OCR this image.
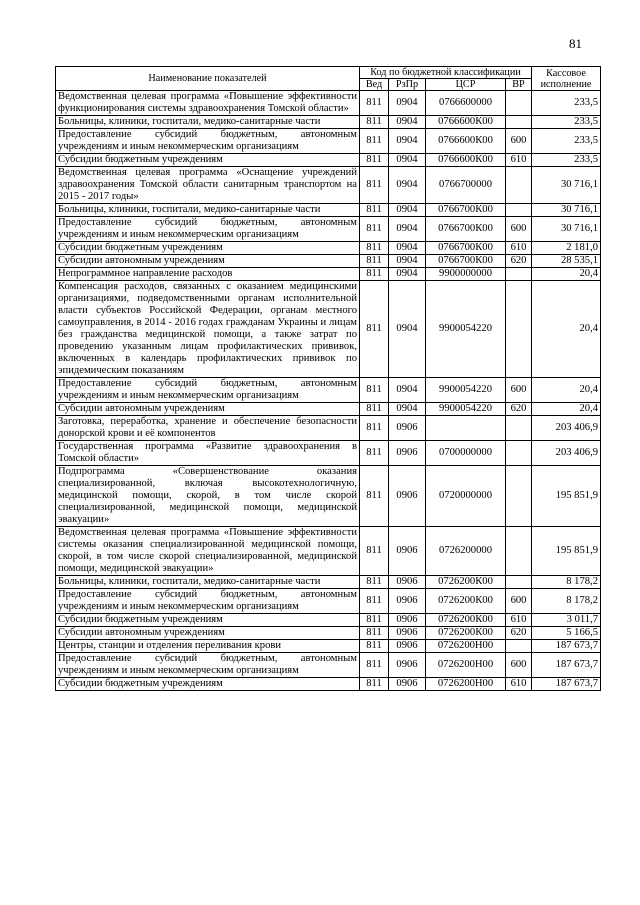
81
Наименование показателей	Код по бюджетной классификации				Кассовое исполнение
	Вед	РзПр	ЦСР	ВР	
Ведомственная целевая программа «Повышение эффективности функционирования системы здравоохранения Томской области»	811	0904	0766600000		233,5
Больницы, клиники, госпитали, медико-санитарные части	811	0904	0766600К00		233,5
Предоставление субсидий бюджетным, автономным учреждениям и иным некоммерческим организациям	811	0904	0766600К00	600	233,5
Субсидии бюджетным учреждениям	811	0904	0766600К00	610	233,5
Ведомственная целевая программа «Оснащение учреждений здравоохранения Томской области санитарным транспортом на 2015 - 2017 годы»	811	0904	0766700000		30 716,1
Больницы, клиники, госпитали, медико-санитарные части	811	0904	0766700К00		30 716,1
Предоставление субсидий бюджетным, автономным учреждениям и иным некоммерческим организациям	811	0904	0766700К00	600	30 716,1
Субсидии бюджетным учреждениям	811	0904	0766700К00	610	2 181,0
Субсидии автономным учреждениям	811	0904	0766700К00	620	28 535,1
Непрограммное направление расходов	811	0904	9900000000		20,4
Компенсация расходов, связанных с оказанием медицинскими организациями, подведомственными органам исполнительной власти субъектов Российской Федерации, органам местного самоуправления, в 2014 - 2016 годах гражданам Украины и лицам без гражданства медицинской помощи, а также затрат по проведению указанным лицам профилактических прививок, включенных в календарь профилактических прививок по эпидемическим показаниям	811	0904	9900054220		20,4
Предоставление субсидий бюджетным, автономным учреждениям и иным некоммерческим организациям	811	0904	9900054220	600	20,4
Субсидии автономным учреждениям	811	0904	9900054220	620	20,4
Заготовка, переработка, хранение и обеспечение безопасности донорской крови и её компонентов	811	0906			203 406,9
Государственная программа «Развитие здравоохранения в Томской области»	811	0906	0700000000		203 406,9
Подпрограмма «Совершенствование оказания специализированной, включая высокотехнологичную, медицинской помощи, скорой, в том числе скорой специализированной, медицинской помощи, медицинской эвакуации»	811	0906	0720000000		195 851,9
Ведомственная целевая программа «Повышение эффективности системы оказания специализированной медицинской помощи, скорой, в том числе скорой специализированной, медицинской помощи, медицинской эвакуации»	811	0906	0726200000		195 851,9
Больницы, клиники, госпитали, медико-санитарные части	811	0906	0726200К00		8 178,2
Предоставление субсидий бюджетным, автономным учреждениям и иным некоммерческим организациям	811	0906	0726200К00	600	8 178,2
Субсидии бюджетным учреждениям	811	0906	0726200К00	610	3 011,7
Субсидии автономным учреждениям	811	0906	0726200К00	620	5 166,5
Центры, станции и отделения переливания крови	811	0906	0726200Н00		187 673,7
Предоставление субсидий бюджетным, автономным учреждениям и иным некоммерческим организациям	811	0906	0726200Н00	600	187 673,7
Субсидии бюджетным учреждениям	811	0906	0726200Н00	610	187 673,7
